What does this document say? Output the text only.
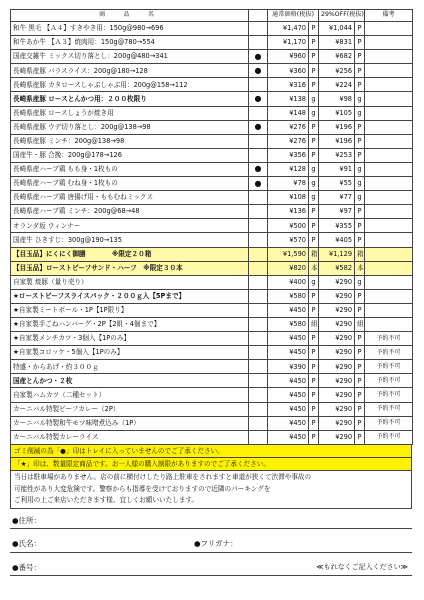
商　品　名		通常価格(税抜)		29%OFF(税抜)		備考
和牛 黒毛 【Ａ４】すきやき用：150g@980→696		¥1,470	P	¥1,044	P	
和牛あか牛 【Ａ３】焼肉用：150g@780→554		¥1,170	P	¥831	P	
国産交雑牛 ミックス切り落とし：200g@480→341	●	¥960	P	¥682	P	
長崎県産豚 バラスライス：200g@180→128	●	¥360	P	¥256	P	
長崎県産豚 カタロースしゃぶしゃぶ用：200g@158→112		¥316	P	¥224	P	
長崎県産豚 ロースとんかつ用：２００枚限り	●	¥138	g	¥98	g	
長崎県産豚 ロースしょうが焼き用		¥148	g	¥105	g	
長崎県産豚 ウデ切り落とし：200g@138→98	●	¥276	P	¥196	P	
長崎県産豚 ミンチ：200g@138→98		¥276	P	¥196	P	
国産牛・豚 合挽：200g@178→126		¥356	P	¥253	P	
長崎県産ハーブ鶏 もも身・1枚もの	●	¥128	g	¥91	g	
長崎県産ハーブ鶏 むね身・1枚もの	●	¥78	g	¥55	g	
長崎県産ハーブ鶏 唐揚げ用・ももむねミックス		¥108	g	¥77	g	
長崎県産ハーブ鶏 ミンチ：200g@68→48		¥136	P	¥97	P	
オランダ坂 ウィンナー		¥500	P	¥355	P	
国産牛 ひきすじ：300g@190→135		¥570	P	¥405	P	
【目玉品】にくにく御膳　　　　※限定２０箱		¥1,590	箱	¥1,129	箱	
【目玉品】ローストビーフサンド・ハーフ　※限定３０本		¥820	本	¥582	本	
自家製 焼豚（量り売り）		¥400	g	¥290	g	
★ローストビーフスライスパック・２００ｇ入【5Pまで】		¥580	P	¥290	P	
★自家製ミートボール・1P【1P限り】		¥450	P	¥290	P	
★自家製手ごねハンバーグ・2P【2組・4個まで】		¥580	組	¥290	組	
★自家製メンチカツ・3個入【1Pのみ】		¥450	P	¥290	P	予約不可
★自家製コロッケ・5個入【1Pのみ】		¥450	P	¥290	P	予約不可
特盛・からあげ・約３００ｇ		¥390	P	¥290	P	予約不可
国産とんかつ・２枚		¥450	P	¥290	P	予約不可
自家製ハムカツ（二種セット）		¥450	P	¥290	P	予約不可
カーニバル特製ビーフカレー（2P）		¥450	P	¥290	P	予約不可
カーニバル特製和牛モツ味噌煮込み（1P）		¥450	P	¥290	P	予約不可
カーニバル特製カレーライス		¥450	P	¥290	P	予約不可
ゴミ削減の為「●」印はトレイに入っていませんのでご了承ください。
「★」印は、数量限定商品です。お一人様の購入制限がありますのでご了承ください。
当日は駐車場がありません。店の前に横付けしたり路上駐車をされますと車道が狭くて渋滞や事故の
可能性があり大変危険です。警察からも指導を受けておりますので近隣のパーキングを
ご利用の上ご来店いただきます様、宜しくお願いいたします。
●住所：
●氏名：	●フリガナ：
●番号：	≪もれなくご記入ください≫
